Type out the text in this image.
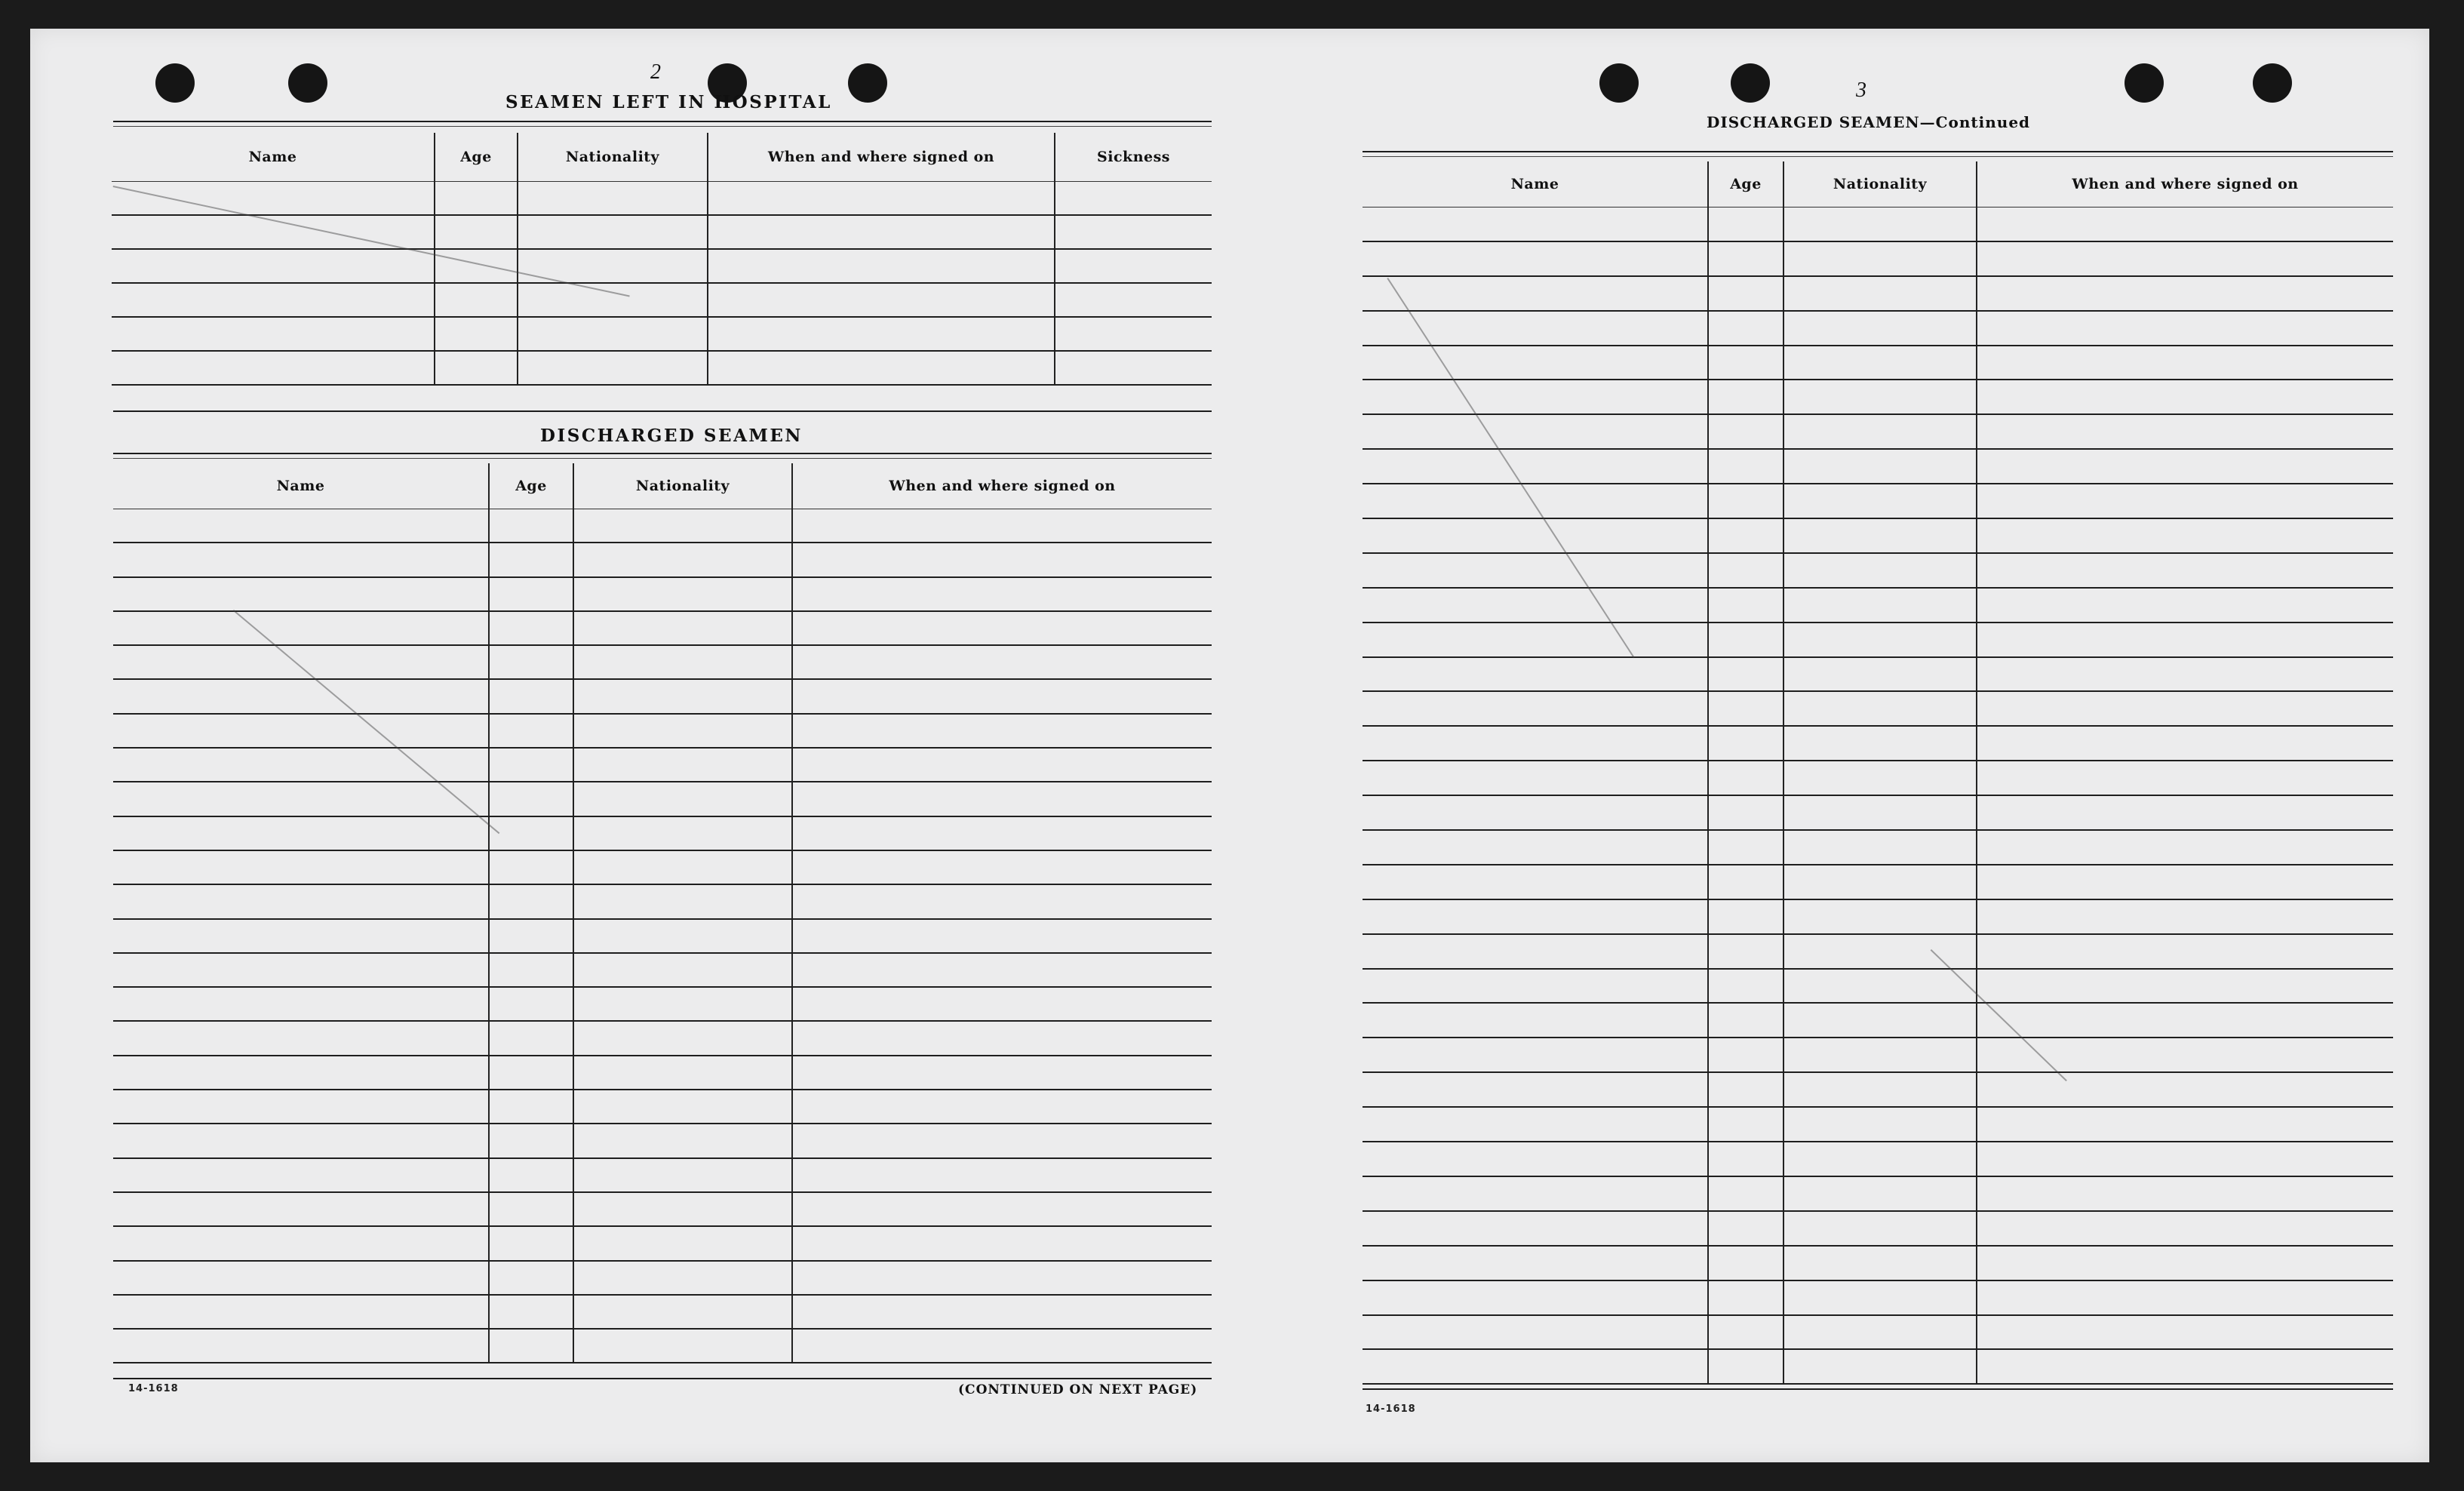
2
SEAMEN LEFT IN HOSPITAL
Name	Age	Nationality	When and where signed on	Sickness

DISCHARGED SEAMEN
Name	Age	Nationality	When and where signed on

14-1618	(CONTINUED ON NEXT PAGE)
3
DISCHARGED SEAMEN—Continued
Name	Age	Nationality	When and where signed on

14-1618
